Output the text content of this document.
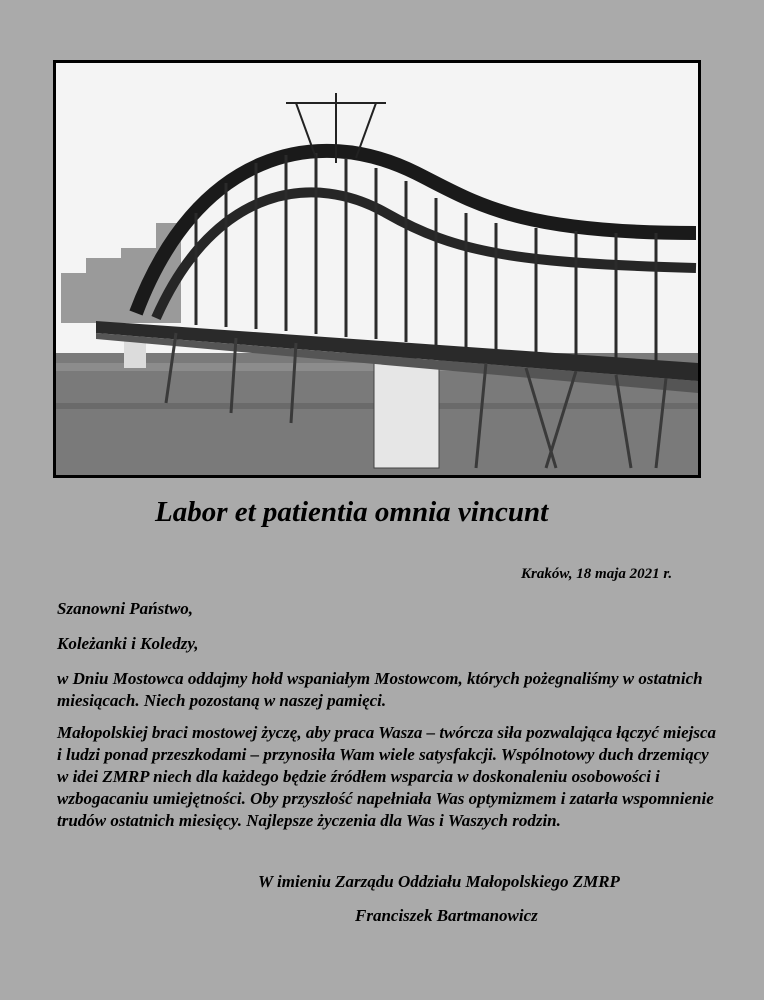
Labor et patientia omnia vincunt
Kraków, 18 maja 2021 r.

Szanowni Państwo,

Koleżanki i Koledzy,

w Dniu Mostowca oddajmy hołd wspaniałym Mostowcom, których pożegnaliśmy w ostatnich miesiącach. Niech pozostaną w naszej pamięci.

Małopolskiej braci mostowej życzę, aby praca Wasza – twórcza siła pozwalająca łączyć miejsca i ludzi ponad przeszkodami – przynosiła Wam wiele satysfakcji. Wspólnotowy duch drzemiący w idei ZMRP niech dla każdego będzie źródłem wsparcia w doskonaleniu osobowości i wzbogacaniu umiejętności. Oby przyszłość napełniała Was optymizmem i zatarła wspomnienie trudów ostatnich miesięcy. Najlepsze życzenia dla Was i Waszych rodzin.

W imieniu Zarządu Oddziału Małopolskiego ZMRP
Franciszek Bartmanowicz
